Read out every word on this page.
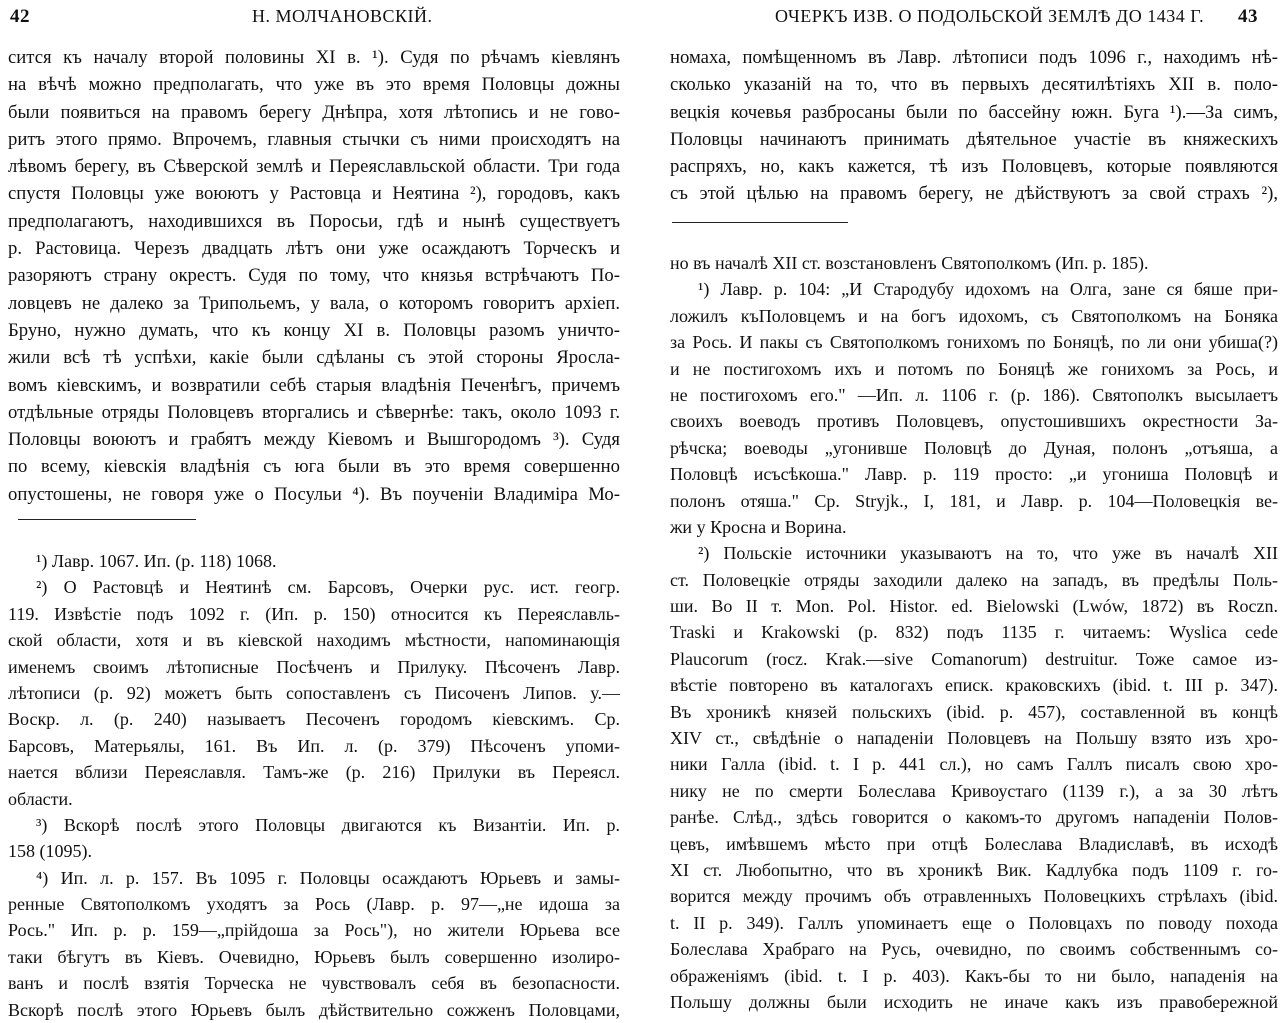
42	Н. МОЛЧАНОВСКІЙ.
сится къ началу второй половины XI в. ¹). Судя по рѣчамъ кіевлянъ
на вѣчѣ можно предполагать, что уже въ это время Половцы дожны
были появиться на правомъ берегу Днѣпра, хотя лѣтопись и не гово-
ритъ этого прямо. Впрочемъ, главныя стычки съ ними происходятъ на
лѣвомъ берегу, въ Сѣверской землѣ и Переяславльской области. Три года
спустя Половцы уже воюютъ у Растовца и Неятина ²), городовъ, какъ
предполагаютъ, находившихся въ Поросьи, гдѣ и нынѣ существуетъ
р. Растовица. Черезъ двадцать лѣтъ они уже осаждаютъ Торческъ и
разоряютъ страну окрестъ. Судя по тому, что князья встрѣчаютъ По-
ловцевъ не далеко за Трипольемъ, у вала, о которомъ говоритъ архіеп.
Бруно, нужно думать, что къ концу XI в. Половцы разомъ уничто-
жили всѣ тѣ успѣхи, какіе были сдѣланы съ этой стороны Яросла-
вомъ кіевскимъ, и возвратили себѣ старыя владѣнія Печенѣгъ, причемъ
отдѣльные отряды Половцевъ вторгались и сѣвернѣе: такъ, около 1093 г.
Половцы воюютъ и грабятъ между Кіевомъ и Вышгородомъ ³). Судя
по всему, кіевскія владѣнія съ юга были въ это время совершенно
опустошены, не говоря уже о Посульи ⁴). Въ поученіи Владиміра Мо-
¹) Лавр. 1067. Ип. (р. 118) 1068.
²) О Растовцѣ и Неятинѣ см. Барсовъ, Очерки рус. ист. геогр.
119. Извѣстіе подъ 1092 г. (Ип. р. 150) относится къ Переяславль-
ской области, хотя и въ кіевской находимъ мѣстности, напоминающія
именемъ своимъ лѣтописные Посѣченъ и Прилуку. Пѣсоченъ Лавр.
лѣтописи (р. 92) можетъ быть сопоставленъ съ Писоченъ Липов. у.—
Воскр. л. (р. 240) называетъ Песоченъ городомъ кіевскимъ. Ср.
Барсовъ, Матерьялы, 161. Въ Ип. л. (р. 379) Пѣсоченъ упоми-
нается вблизи Переяславля. Тамъ-же (р. 216) Прилуки въ Переясл.
области.
³) Вскорѣ послѣ этого Половцы двигаются къ Византіи. Ип. р.
158 (1095).
⁴) Ип. л. р. 157. Въ 1095 г. Половцы осаждаютъ Юрьевъ и замы-
ренные Святополкомъ уходятъ за Рось (Лавр. р. 97—„не идоша за
Рось." Ип. р. р. 159—„прійдоша за Рось"), но жители Юрьева все
таки бѣгутъ въ Кіевъ. Очевидно, Юрьевъ былъ совершенно изолиро-
ванъ и послѣ взятія Торческа не чувствовалъ себя въ безопасности.
Вскорѣ послѣ этого Юрьевъ былъ дѣйствительно сожженъ Половцами,
ОЧЕРКЪ ИЗВ. О ПОДОЛЬСКОЙ ЗЕМЛѢ ДО 1434 Г. 43
номаха, помѣщенномъ въ Лавр. лѣтописи подъ 1096 г., находимъ нѣ-
сколько указаній на то, что въ первыхъ десятилѣтіяхъ XII в. поло-
вецкія кочевья разбросаны были по бассейну южн. Буга ¹).—За симъ,
Половцы начинаютъ принимать дѣятельное участіе въ княжескихъ
распряхъ, но, какъ кажется, тѣ изъ Половцевъ, которые появляются
съ этой цѣлью на правомъ берегу, не дѣйствуютъ за свой страхъ ²),
но въ началѣ XII ст. возстановленъ Святополкомъ (Ип. р. 185).
¹) Лавр. р. 104: „И Стародубу идохомъ на Олга, зане ся бяше при-
ложилъ къПоловцемъ и на богъ идохомъ, съ Святополкомъ на Боняка
за Рось. И пакы съ Святополкомъ гонихомъ по Боняцѣ, по ли они убиша(?)
и не постигохомъ ихъ и потомъ по Боняцѣ же гонихомъ за Рось, и
не постигохомъ его." —Ип. л. 1106 г. (р. 186). Святополкъ высылаетъ
своихъ воеводъ противъ Половцевъ, опустошившихъ окрестности За-
рѣчска; воеводы „угонивше Половцѣ до Дуная, полонъ „отъяша, а
Половцѣ исъсѣкоша." Лавр. р. 119 просто: „и угониша Половцѣ и
полонъ отяша." Ср. Stryjk., I, 181, и Лавр. р. 104—Половецкія ве-
жи у Кросна и Ворина.
²) Польскіе источники указываютъ на то, что уже въ началѣ XII
ст. Половецкіе отряды заходили далеко на западъ, въ предѣлы Поль-
ши. Во II т. Mon. Pol. Histor. ed. Bielowski (Lwów, 1872) въ Roczn.
Traski и Krakowski (р. 832) подъ 1135 г. читаемъ: Wyslica cede
Plaucorum (rocz. Krak.—sive Comanorum) destruitur. Тоже самое из-
вѣстіе повторено въ каталогахъ еписк. краковскихъ (ibid. t. III p. 347).
Въ хроникѣ князей польскихъ (ibid. р. 457), составленной въ концѣ
XIV ст., свѣдѣніе о нападеніи Половцевъ на Польшу взято изъ хро-
ники Галла (ibid. t. I p. 441 сл.), но самъ Галлъ писалъ свою хро-
нику не по смерти Болеслава Кривоустаго (1139 г.), а за 30 лѣтъ
ранѣе. Слѣд., здѣсь говорится о какомъ-то другомъ нападеніи Полов-
цевъ, имѣвшемъ мѣсто при отцѣ Болеслава Владиславѣ, въ исходѣ
XI ст. Любопытно, что въ хроникѣ Вик. Кадлубка подъ 1109 г. го-
ворится между прочимъ объ отравленныхъ Половецкихъ стрѣлахъ (ibid.
t. II p. 349). Галлъ упоминаетъ еще о Половцахъ по поводу похода
Болеслава Храбраго на Русь, очевидно, по своимъ собственнымъ со-
ображеніямъ (ibid. t. I p. 403). Какъ-бы то ни было, нападенія на
Польшу должны были исходить не иначе какъ изъ правобережной
